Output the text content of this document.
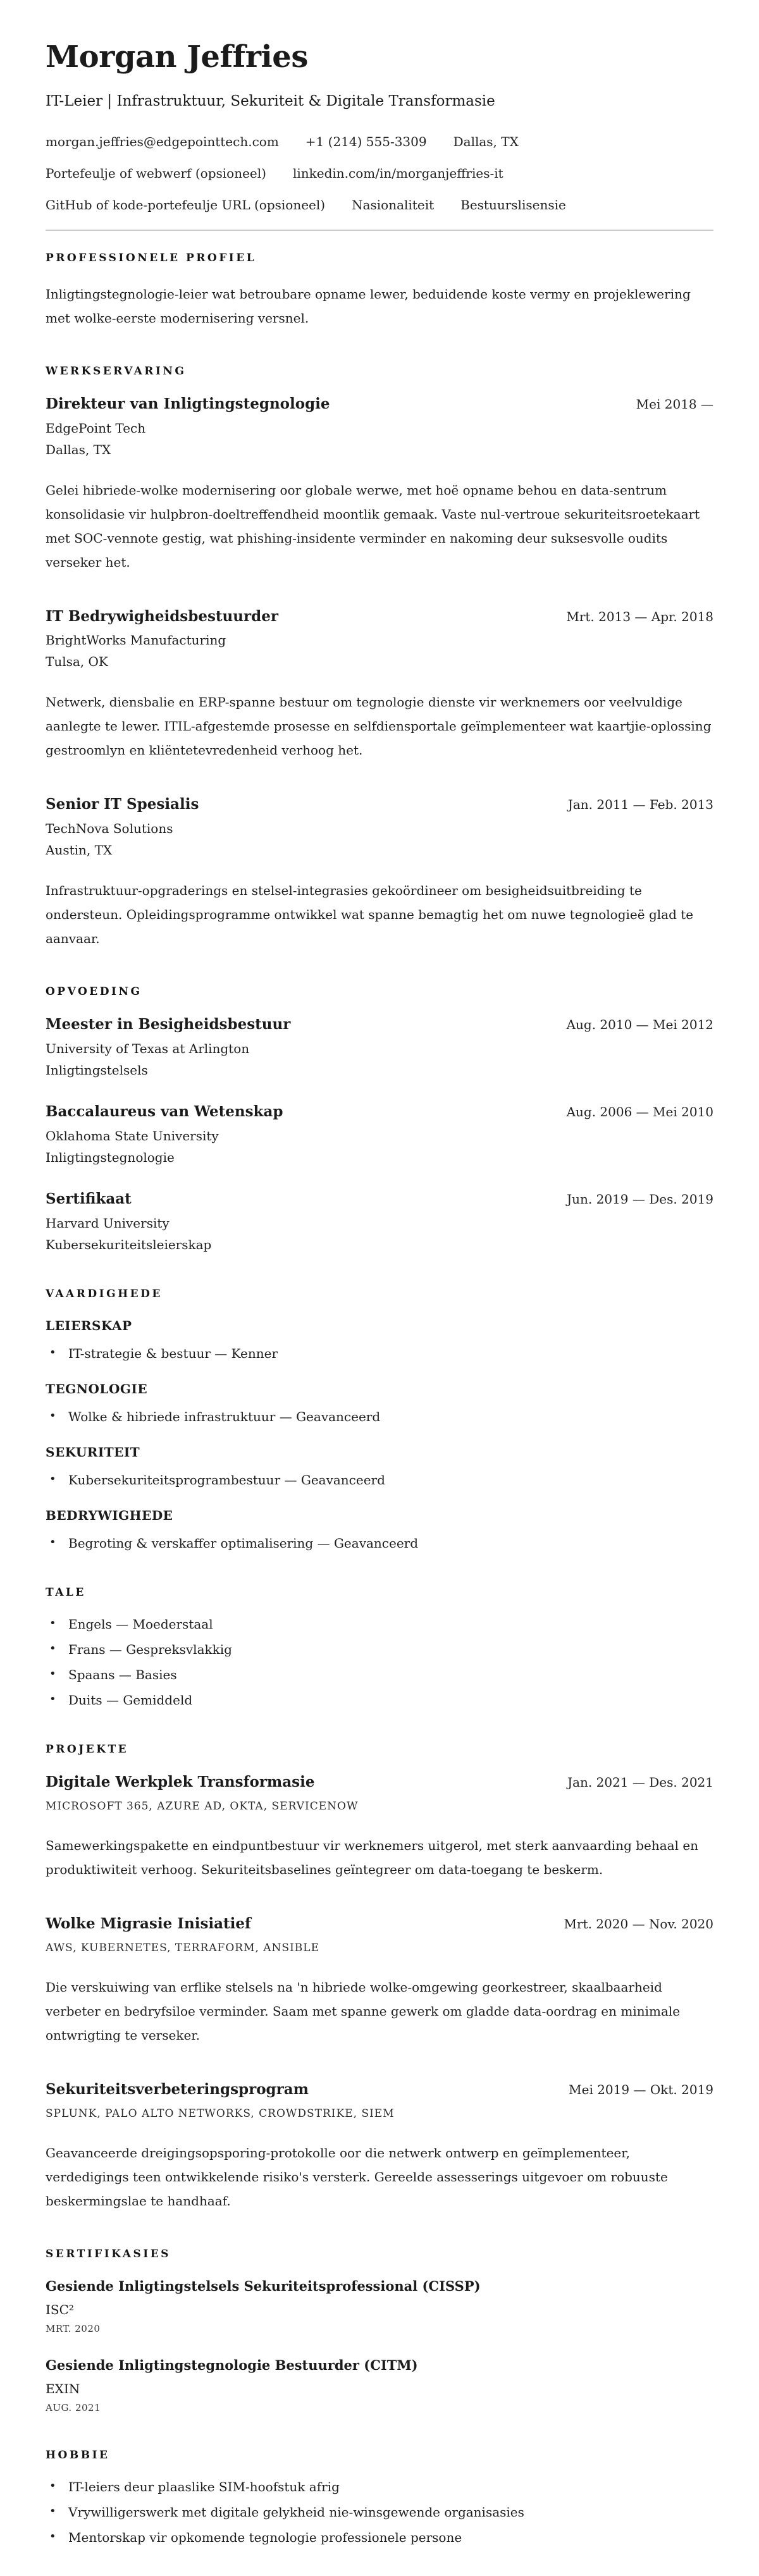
Morgan Jeffries
IT-Leier | Infrastruktuur, Sekuriteit & Digitale Transformasie
morgan.jeffries@edgepointtech.com +1 (214) 555-3309 Dallas, TX
Portefeulje of webwerf (opsioneel) linkedin.com/in/morganjeffries-it
GitHub of kode-portefeulje URL (opsioneel) Nasionaliteit Bestuurslisensie
PROFESSIONELE PROFIEL

Inligtingstegnologie-leier wat betroubare opname lewer, beduidende koste vermy en projeklewering met wolke-eerste modernisering versnel.

WERKSERVARING
Direkteur van Inligtingstegnologie	Mei 2018 —
EdgePoint Tech
Dallas, TX

Gelei hibriede-wolke modernisering oor globale werwe, met hoë opname behou en data-sentrum konsolidasie vir hulpbron-doeltreffendheid moontlik gemaak. Vaste nul-vertroue sekuriteitsroetekaart met SOC-vennote gestig, wat phishing-insidente verminder en nakoming deur suksesvolle oudits verseker het.

IT Bedrywigheidsbestuurder	Mrt. 2013 — Apr. 2018
BrightWorks Manufacturing
Tulsa, OK

Netwerk, diensbalie en ERP-spanne bestuur om tegnologie dienste vir werknemers oor veelvuldige aanlegte te lewer. ITIL-afgestemde prosesse en selfdiensportale geïmplementeer wat kaartjie-oplossing gestroomlyn en kliëntetevredenheid verhoog het.

Senior IT Spesialis	Jan. 2011 — Feb. 2013
TechNova Solutions
Austin, TX

Infrastruktuur-opgraderings en stelsel-integrasies gekoördineer om besigheidsuitbreiding te ondersteun. Opleidingsprogramme ontwikkel wat spanne bemagtig het om nuwe tegnologieë glad te aanvaar.

OPVOEDING
Meester in Besigheidsbestuur	Aug. 2010 — Mei 2012
University of Texas at Arlington
Inligtingstelsels
Baccalaureus van Wetenskap	Aug. 2006 — Mei 2010
Oklahoma State University
Inligtingstegnologie
Sertifikaat	Jun. 2019 — Des. 2019
Harvard University
Kubersekuriteitsleierskap
VAARDIGHEDE
LEIERSKAP
• IT-strategie & bestuur — Kenner
TEGNOLOGIE
• Wolke & hibriede infrastruktuur — Geavanceerd
SEKURITEIT
• Kubersekuriteitsprogrambestuur — Geavanceerd
BEDRYWIGHEDE
• Begroting & verskaffer optimalisering — Geavanceerd
TALE
• Engels — Moederstaal
• Frans — Gespreksvlakkig
• Spaans — Basies
• Duits — Gemiddeld
PROJEKTE
Digitale Werkplek Transformasie	Jan. 2021 — Des. 2021
MICROSOFT 365, AZURE AD, OKTA, SERVICENOW

Samewerkingspakette en eindpuntbestuur vir werknemers uitgerol, met sterk aanvaarding behaal en produktiwiteit verhoog. Sekuriteitsbaselines geïntegreer om data-toegang te beskerm.

Wolke Migrasie Inisiatief	Mrt. 2020 — Nov. 2020
AWS, KUBERNETES, TERRAFORM, ANSIBLE

Die verskuiwing van erflike stelsels na 'n hibriede wolke-omgewing georkestreer, skaalbaarheid verbeter en bedryfsiloe verminder. Saam met spanne gewerk om gladde data-oordrag en minimale ontwrigting te verseker.

Sekuriteitsverbeteringsprogram	Mei 2019 — Okt. 2019
SPLUNK, PALO ALTO NETWORKS, CROWDSTRIKE, SIEM

Geavanceerde dreigingsopsporing-protokolle oor die netwerk ontwerp en geïmplementeer, verdedigings teen ontwikkelende risiko's versterk. Gereelde assesserings uitgevoer om robuuste beskermingslae te handhaaf.

SERTIFIKASIES
Gesiende Inligtingstelsels Sekuriteitsprofessional (CISSP)
ISC²
MRT. 2020
Gesiende Inligtingstegnologie Bestuurder (CITM)
EXIN
AUG. 2021
HOBBIE
• IT-leiers deur plaaslike SIM-hoofstuk afrig
• Vrywilligerswerk met digitale gelykheid nie-winsgewende organisasies
• Mentorskap vir opkomende tegnologie professionele persone
